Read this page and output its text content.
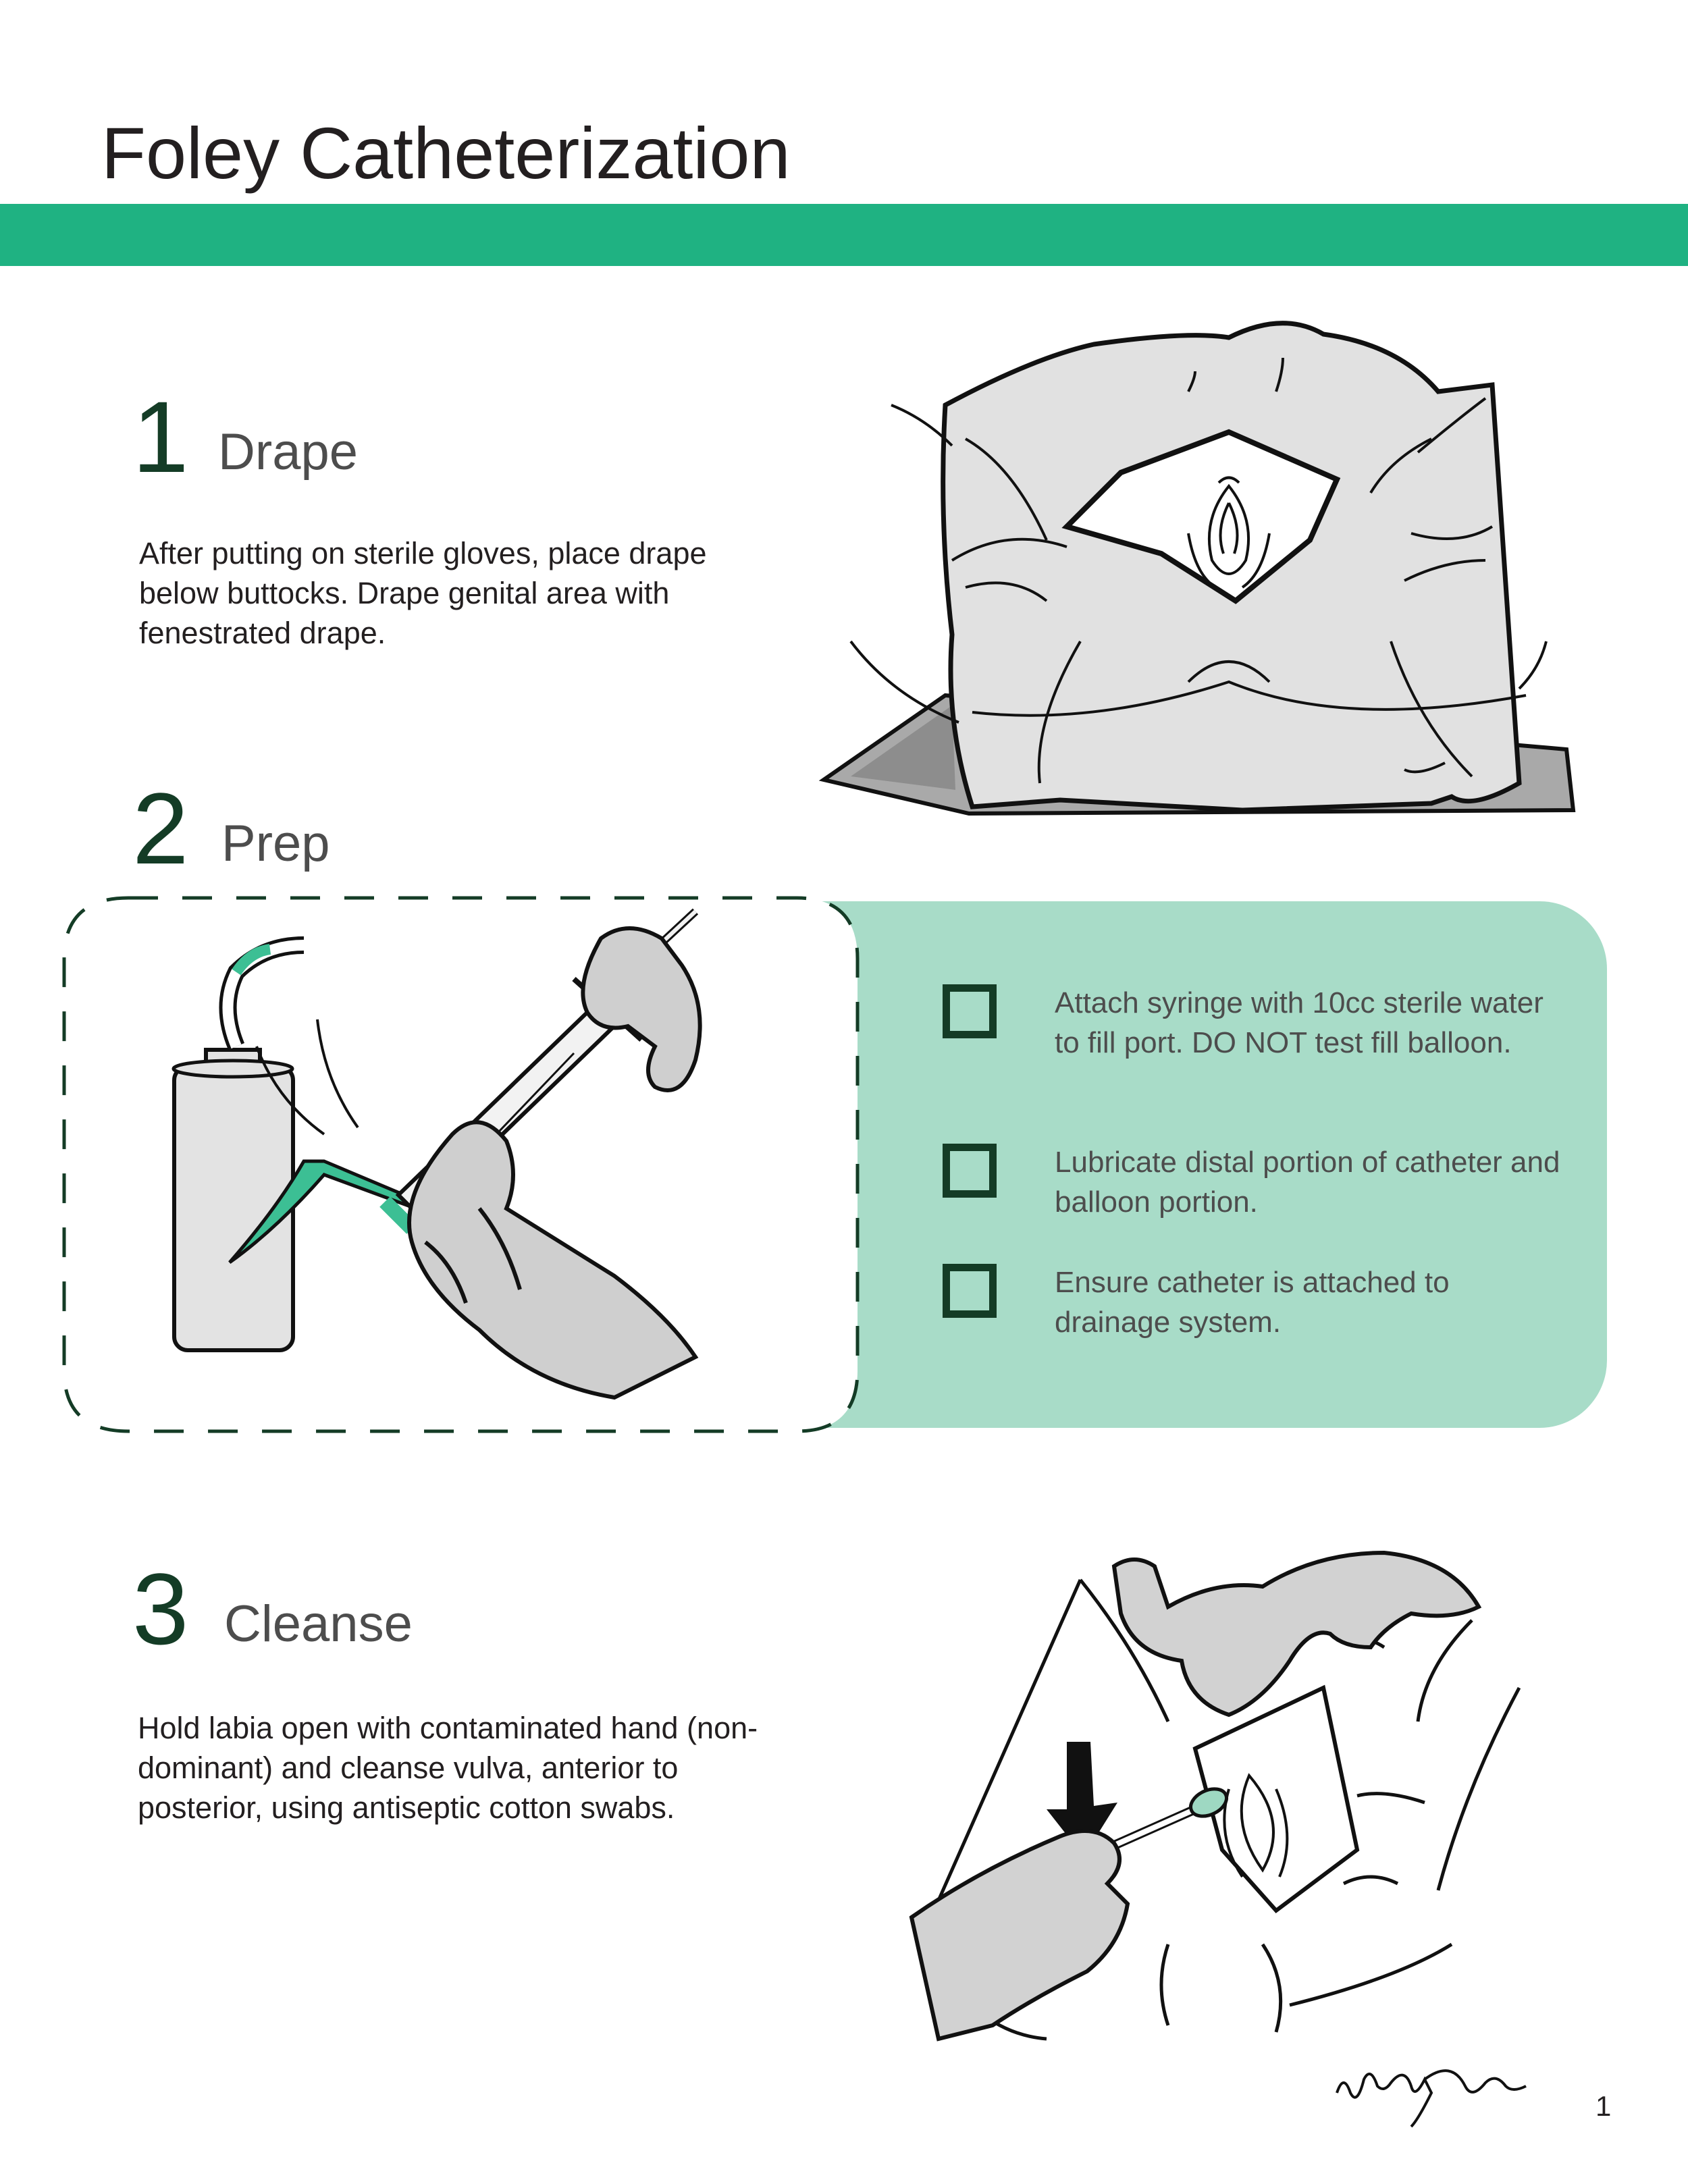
Foley Catheterization
1 Drape

After putting on sterile gloves, place drape below buttocks. Drape genital area with fenestrated drape.

2 Prep
Attach syringe with 10cc sterile water to fill port. DO NOT test fill balloon.
Lubricate distal portion of catheter and balloon portion.
Ensure catheter is attached to drainage system.
3 Cleanse

Hold labia open with contaminated hand (non-dominant) and cleanse vulva, anterior to posterior, using antiseptic cotton swabs.

1
